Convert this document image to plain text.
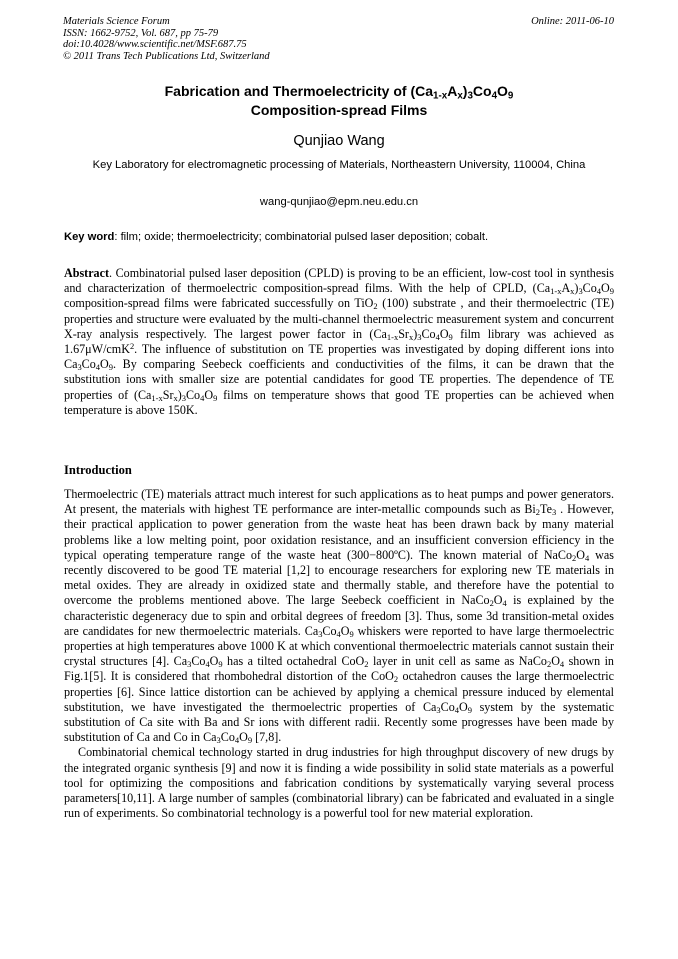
Materials Science Forum
ISSN: 1662-9752, Vol. 687, pp 75-79
doi:10.4028/www.scientific.net/MSF.687.75
© 2011 Trans Tech Publications Ltd, Switzerland
Online: 2011-06-10
Fabrication and Thermoelectricity of $(Ca_{1-x}A_x)_3Co_4O_9$
Composition-spread Films
Qunjiao Wang
Key Laboratory for electromagnetic processing of Materials, Northeastern University, 110004, China
wang-qunjiao@epm.neu.edu.cn
Key word: film; oxide; thermoelectricity; combinatorial pulsed laser deposition; cobalt.

Abstract. Combinatorial pulsed laser deposition (CPLD) is proving to be an efficient, low-cost tool in synthesis and characterization of thermoelectric composition-spread films. With the help of CPLD, $(Ca_{1-x}A_x)_3Co_4O_9$ composition-spread films were fabricated successfully on TiO$_2$ (100) substrate , and their thermoelectric (TE) properties and structure were evaluated by the multi-channel thermoelectric measurement system and concurrent X-ray analysis respectively. The largest power factor in $(Ca_{1-x}Sr_x)_3Co_4O_9$ film library was achieved as 1.67μW/cmK$^2$. The influence of substitution on TE properties was investigated by doping different ions into $Ca_3Co_4O_9$. By comparing Seebeck coefficients and conductivities of the films, it can be drawn that the substitution ions with smaller size are potential candidates for good TE properties. The dependence of TE properties of $(Ca_{1-x}Sr_x)_3Co_4O_9$ films on temperature shows that good TE properties can be achieved when temperature is above 150K.

Introduction

Thermoelectric (TE) materials attract much interest for such applications as to heat pumps and power generators. At present, the materials with highest TE performance are inter-metallic compounds such as $Bi_2Te_3$ . However, their practical application to power generation from the waste heat has been drawn back by many material problems like a low melting point, poor oxidation resistance, and an insufficient conversion efficiency in the typical operating temperature range of the waste heat (300−800ºC). The known material of $NaCo_2O_4$ was recently discovered to be good TE material [1,2] to encourage researchers for exploring new TE materials in metal oxides. They are already in oxidized state and thermally stable, and therefore have the potential to overcome the problems mentioned above. The large Seebeck coefficient in $NaCo_2O_4$ is explained by the characteristic degeneracy due to spin and orbital degrees of freedom [3]. Thus, some 3d transition-metal oxides are candidates for new thermoelectric materials. $Ca_3Co_4O_9$ whiskers were reported to have large thermoelectric properties at high temperatures above 1000 K at which conventional thermoelectric materials cannot sustain their crystal structures [4]. $Ca_3Co_4O_9$ has a tilted octahedral CoO$_2$ layer in unit cell as same as $NaCo_2O_4$ shown in Fig.1[5]. It is considered that rhombohedral distortion of the CoO$_2$ octahedron causes the large thermoelectric properties [6]. Since lattice distortion can be achieved by applying a chemical pressure induced by elemental substitution, we have investigated the thermoelectric properties of $Ca_3Co_4O_9$ system by the systematic substitution of Ca site with Ba and Sr ions with different radii. Recently some progresses have been made by substitution of Ca and Co in $Ca_3Co_4O_9$ [7,8].

Combinatorial chemical technology started in drug industries for high throughput discovery of new drugs by the integrated organic synthesis [9] and now it is finding a wide possibility in solid state materials as a powerful tool for optimizing the compositions and fabrication conditions by systematically varying several process parameters[10,11]. A large number of samples (combinatorial library) can be fabricated and evaluated in a single run of experiments. So combinatorial technology is a powerful tool for new material exploration.
